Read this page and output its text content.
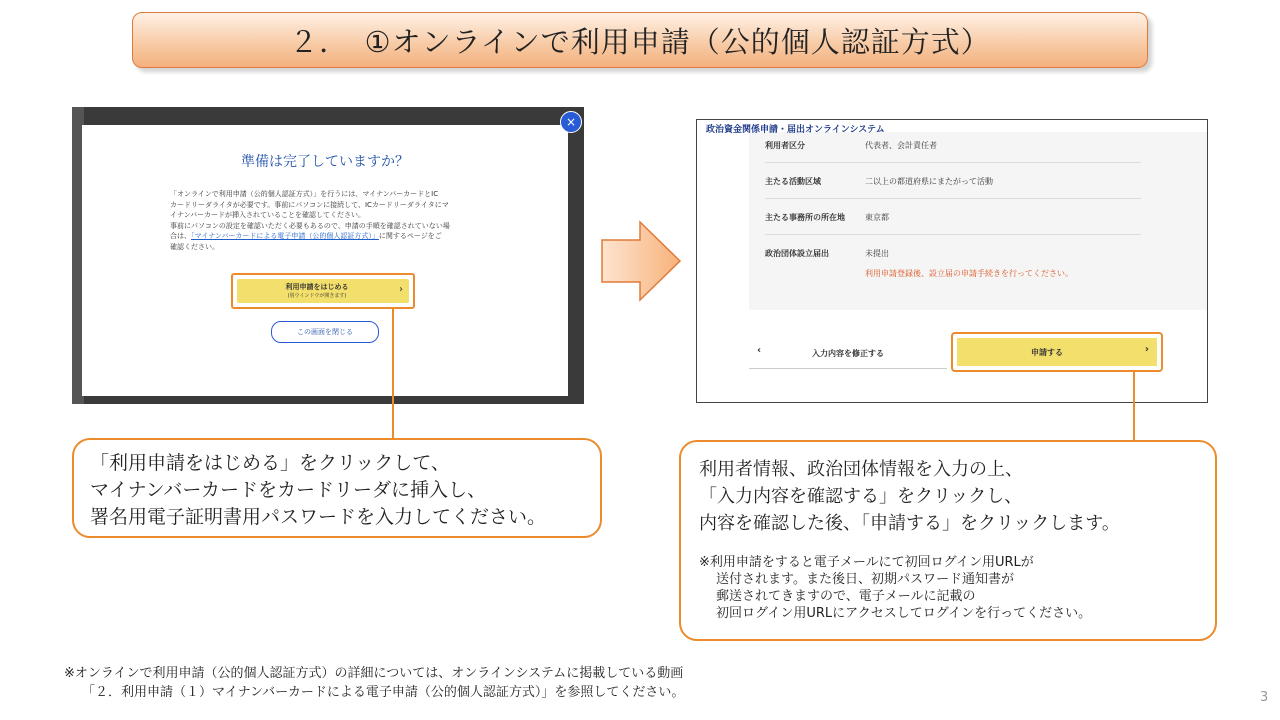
２．　①オンラインで利用申請（公的個人認証方式）
準備は完了していますか？
「オンラインで利用申請（公的個人認証方式）」を行うには、マイナンバーカードとIC
カードリーダライタが必要です。事前にパソコンに接続して、ICカードリーダライタにマ
イナンバーカードが挿入されていることを確認してください。
事前にパソコンの設定を確認いただく必要もあるので、申請の手順を確認されていない場
合は、「マイナンバーカードによる電子申請（公的個人認証方式）」に関するページをご
確認ください。
利用申請をはじめる
(別ウインドウが開きます)
›
この画面を閉じる
×
政治資金関係申請・届出オンラインシステム
利用者区分	代表者、会計責任者
主たる活動区域	二以上の都道府県にまたがって活動
主たる事務所の所在地	東京都
政治団体設立届出	未提出
利用申請登録後、設立届の申請手続きを行ってください。
‹	入力内容を修正する	申請する	›
「利用申請をはじめる」をクリックして、
マイナンバーカードをカードリーダに挿入し、
署名用電子証明書用パスワードを入力してください。
利用者情報、政治団体情報を入力の上、
「入力内容を確認する」をクリックし、
内容を確認した後、「申請する」をクリックします。
※利用申請をすると電子メールにて初回ログイン用URLが
送付されます。また後日、初期パスワード通知書が
郵送されてきますので、電子メールに記載の
初回ログイン用URLにアクセスしてログインを行ってください。
※オンラインで利用申請（公的個人認証方式）の詳細については、オンラインシステムに掲載している動画
「２．利用申請（１）マイナンバーカードによる電子申請（公的個人認証方式）」を参照してください。	3
